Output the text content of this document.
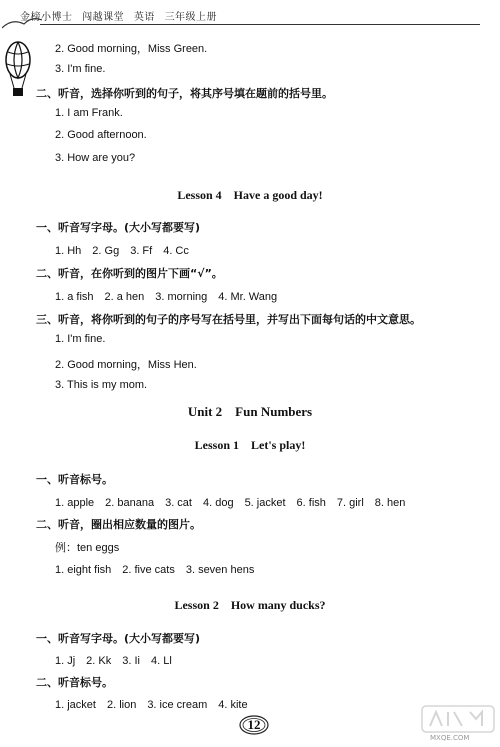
金榜小博士 闯越课堂 英语 三年级上册
2. Good morning，Miss Green.
3. I'm fine.
二、听音，选择你听到的句子，将其序号填在题前的括号里。
1. I am Frank.
2. Good afternoon.
3. How are you?
Lesson 4　Have a good day!
一、听音写字母。(大小写都要写)
1. Hh　2. Gg　3. Ff　4. Cc
二、听音，在你听到的图片下画“√”。
1. a fish　2. a hen　3. morning　4. Mr. Wang
三、听音，将你听到的句子的序号写在括号里，并写出下面每句话的中文意思。
1. I'm fine.
2. Good morning，Miss Hen.
3. This is my mom.
Unit 2　Fun Numbers
Lesson 1　Let's play!
一、听音标号。
1. apple　2. banana　3. cat　4. dog　5. jacket　6. fish　7. girl　8. hen
二、听音，圈出相应数量的图片。
例：ten eggs
1. eight fish　2. five cats　3. seven hens
Lesson 2　How many ducks?
一、听音写字母。(大小写都要写)
1. Jj　2. Kk　3. Ii　4. Ll
二、听音标号。
1. jacket　2. lion　3. ice cream　4. kite
12
MXQE.COM
